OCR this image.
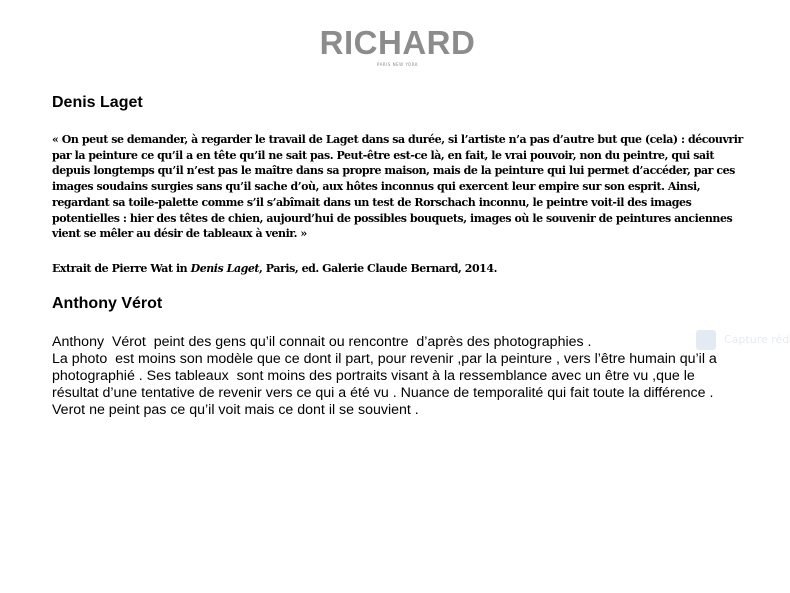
RICHARD
PARIS NEW YORK
Denis Laget

« On peut se demander, à regarder le travail de Laget dans sa durée, si l’artiste n’a pas d’autre but que (cela) : découvrir par la peinture ce qu’il a en tête qu’il ne sait pas. Peut-être est-ce là, en fait, le vrai pouvoir, non du peintre, qui sait depuis longtemps qu’il n’est pas le maître dans sa propre maison, mais de la peinture qui lui permet d’accéder, par ces images soudains surgies sans qu’il sache d’où, aux hôtes inconnus qui exercent leur empire sur son esprit. Ainsi, regardant sa toile-palette comme s’il s’abîmait dans un test de Rorschach inconnu, le peintre voit-il des images potentielles : hier des têtes de chien, aujourd’hui de possibles bouquets, images où le souvenir de peintures anciennes vient se mêler au désir de tableaux à venir. »

Extrait de Pierre Wat in Denis Laget, Paris, ed. Galerie Claude Bernard, 2014.

Anthony Vérot

Anthony  Vérot  peint des gens qu’il connait ou rencontre  d’après des photographies .
La photo  est moins son modèle que ce dont il part, pour revenir ,par la peinture , vers l’être humain qu’il a
photographié . Ses tableaux  sont moins des portraits visant à la ressemblance avec un être vu ,que le
résultat d’une tentative de revenir vers ce qui a été vu . Nuance de temporalité qui fait toute la différence .
Verot ne peint pas ce qu’il voit mais ce dont il se souvient .

Capture réd
